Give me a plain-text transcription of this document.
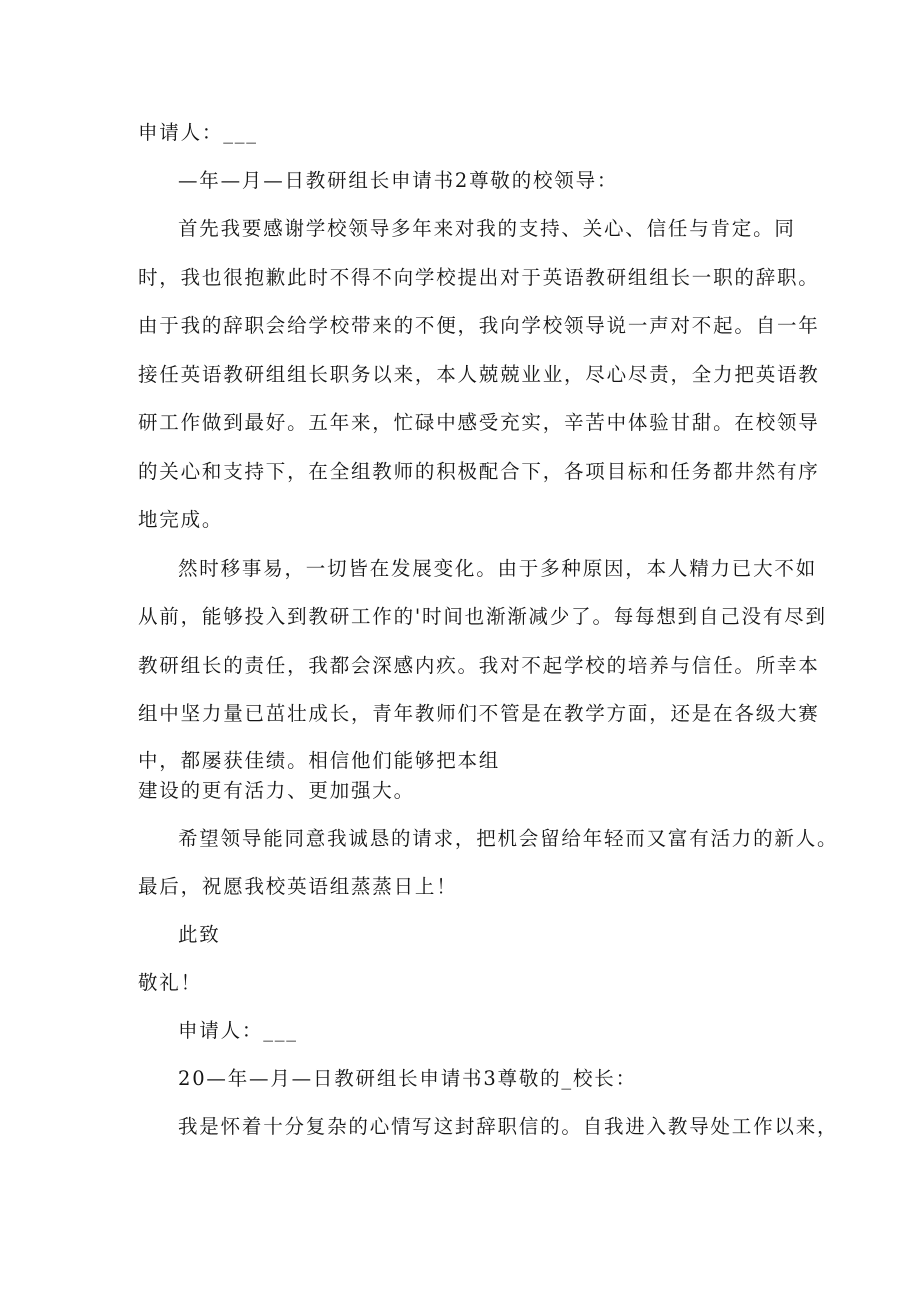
申请人：___
—年—月—日教研组长申请书2尊敬的校领导：
首先我要感谢学校领导多年来对我的支持、关心、信任与肯定。同
时，我也很抱歉此时不得不向学校提出对于英语教研组组长一职的辞职。
由于我的辞职会给学校带来的不便，我向学校领导说一声对不起。自一年
接任英语教研组组长职务以来，本人兢兢业业，尽心尽责，全力把英语教
研工作做到最好。五年来，忙碌中感受充实，辛苦中体验甘甜。在校领导
的关心和支持下，在全组教师的积极配合下，各项目标和任务都井然有序
地完成。
然时移事易，一切皆在发展变化。由于多种原因，本人精力已大不如
从前，能够投入到教研工作的'时间也渐渐减少了。每每想到自己没有尽到
教研组长的责任，我都会深感内疚。我对不起学校的培养与信任。所幸本
组中坚力量已茁壮成长，青年教师们不管是在教学方面，还是在各级大赛
中，都屡获佳绩。相信他们能够把本组
建设的更有活力、更加强大。
希望领导能同意我诚恳的请求，把机会留给年轻而又富有活力的新人。
最后，祝愿我校英语组蒸蒸日上！
此致
敬礼！
申请人：___
20—年—月—日教研组长申请书3尊敬的_校长：
我是怀着十分复杂的心情写这封辞职信的。自我进入教导处工作以来，
